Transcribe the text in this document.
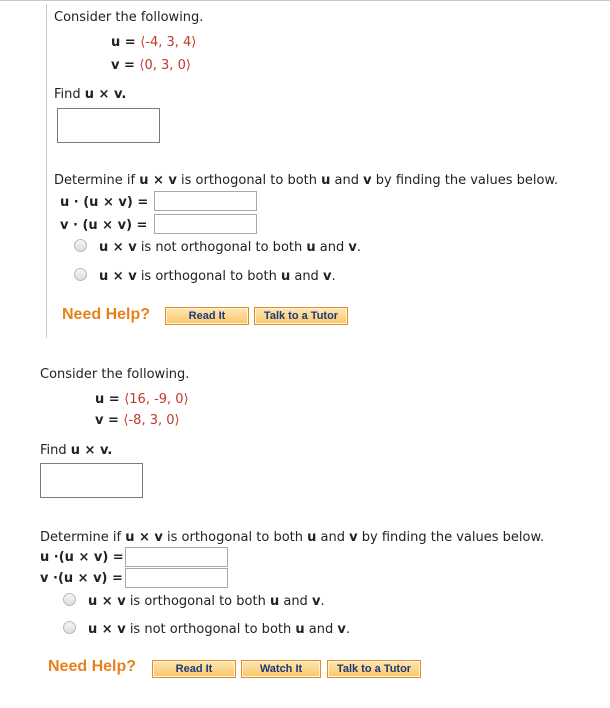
Consider the following.
u = ⟨-4, 3, 4⟩
v = ⟨0, 3, 0⟩
Find u × v.
Determine if u × v is orthogonal to both u and v by finding the values below.
u · (u × v) =
v · (u × v) =
u × v is not orthogonal to both u and v.
u × v is orthogonal to both u and v.
Need Help?	Read It	Talk to a Tutor
Consider the following.
u = ⟨16, -9, 0⟩
v = ⟨-8, 3, 0⟩
Find u × v.
Determine if u × v is orthogonal to both u and v by finding the values below.
u ·(u × v) =
v ·(u × v) =
u × v is orthogonal to both u and v.
u × v is not orthogonal to both u and v.
Need Help?	Read It	Watch It	Talk to a Tutor
